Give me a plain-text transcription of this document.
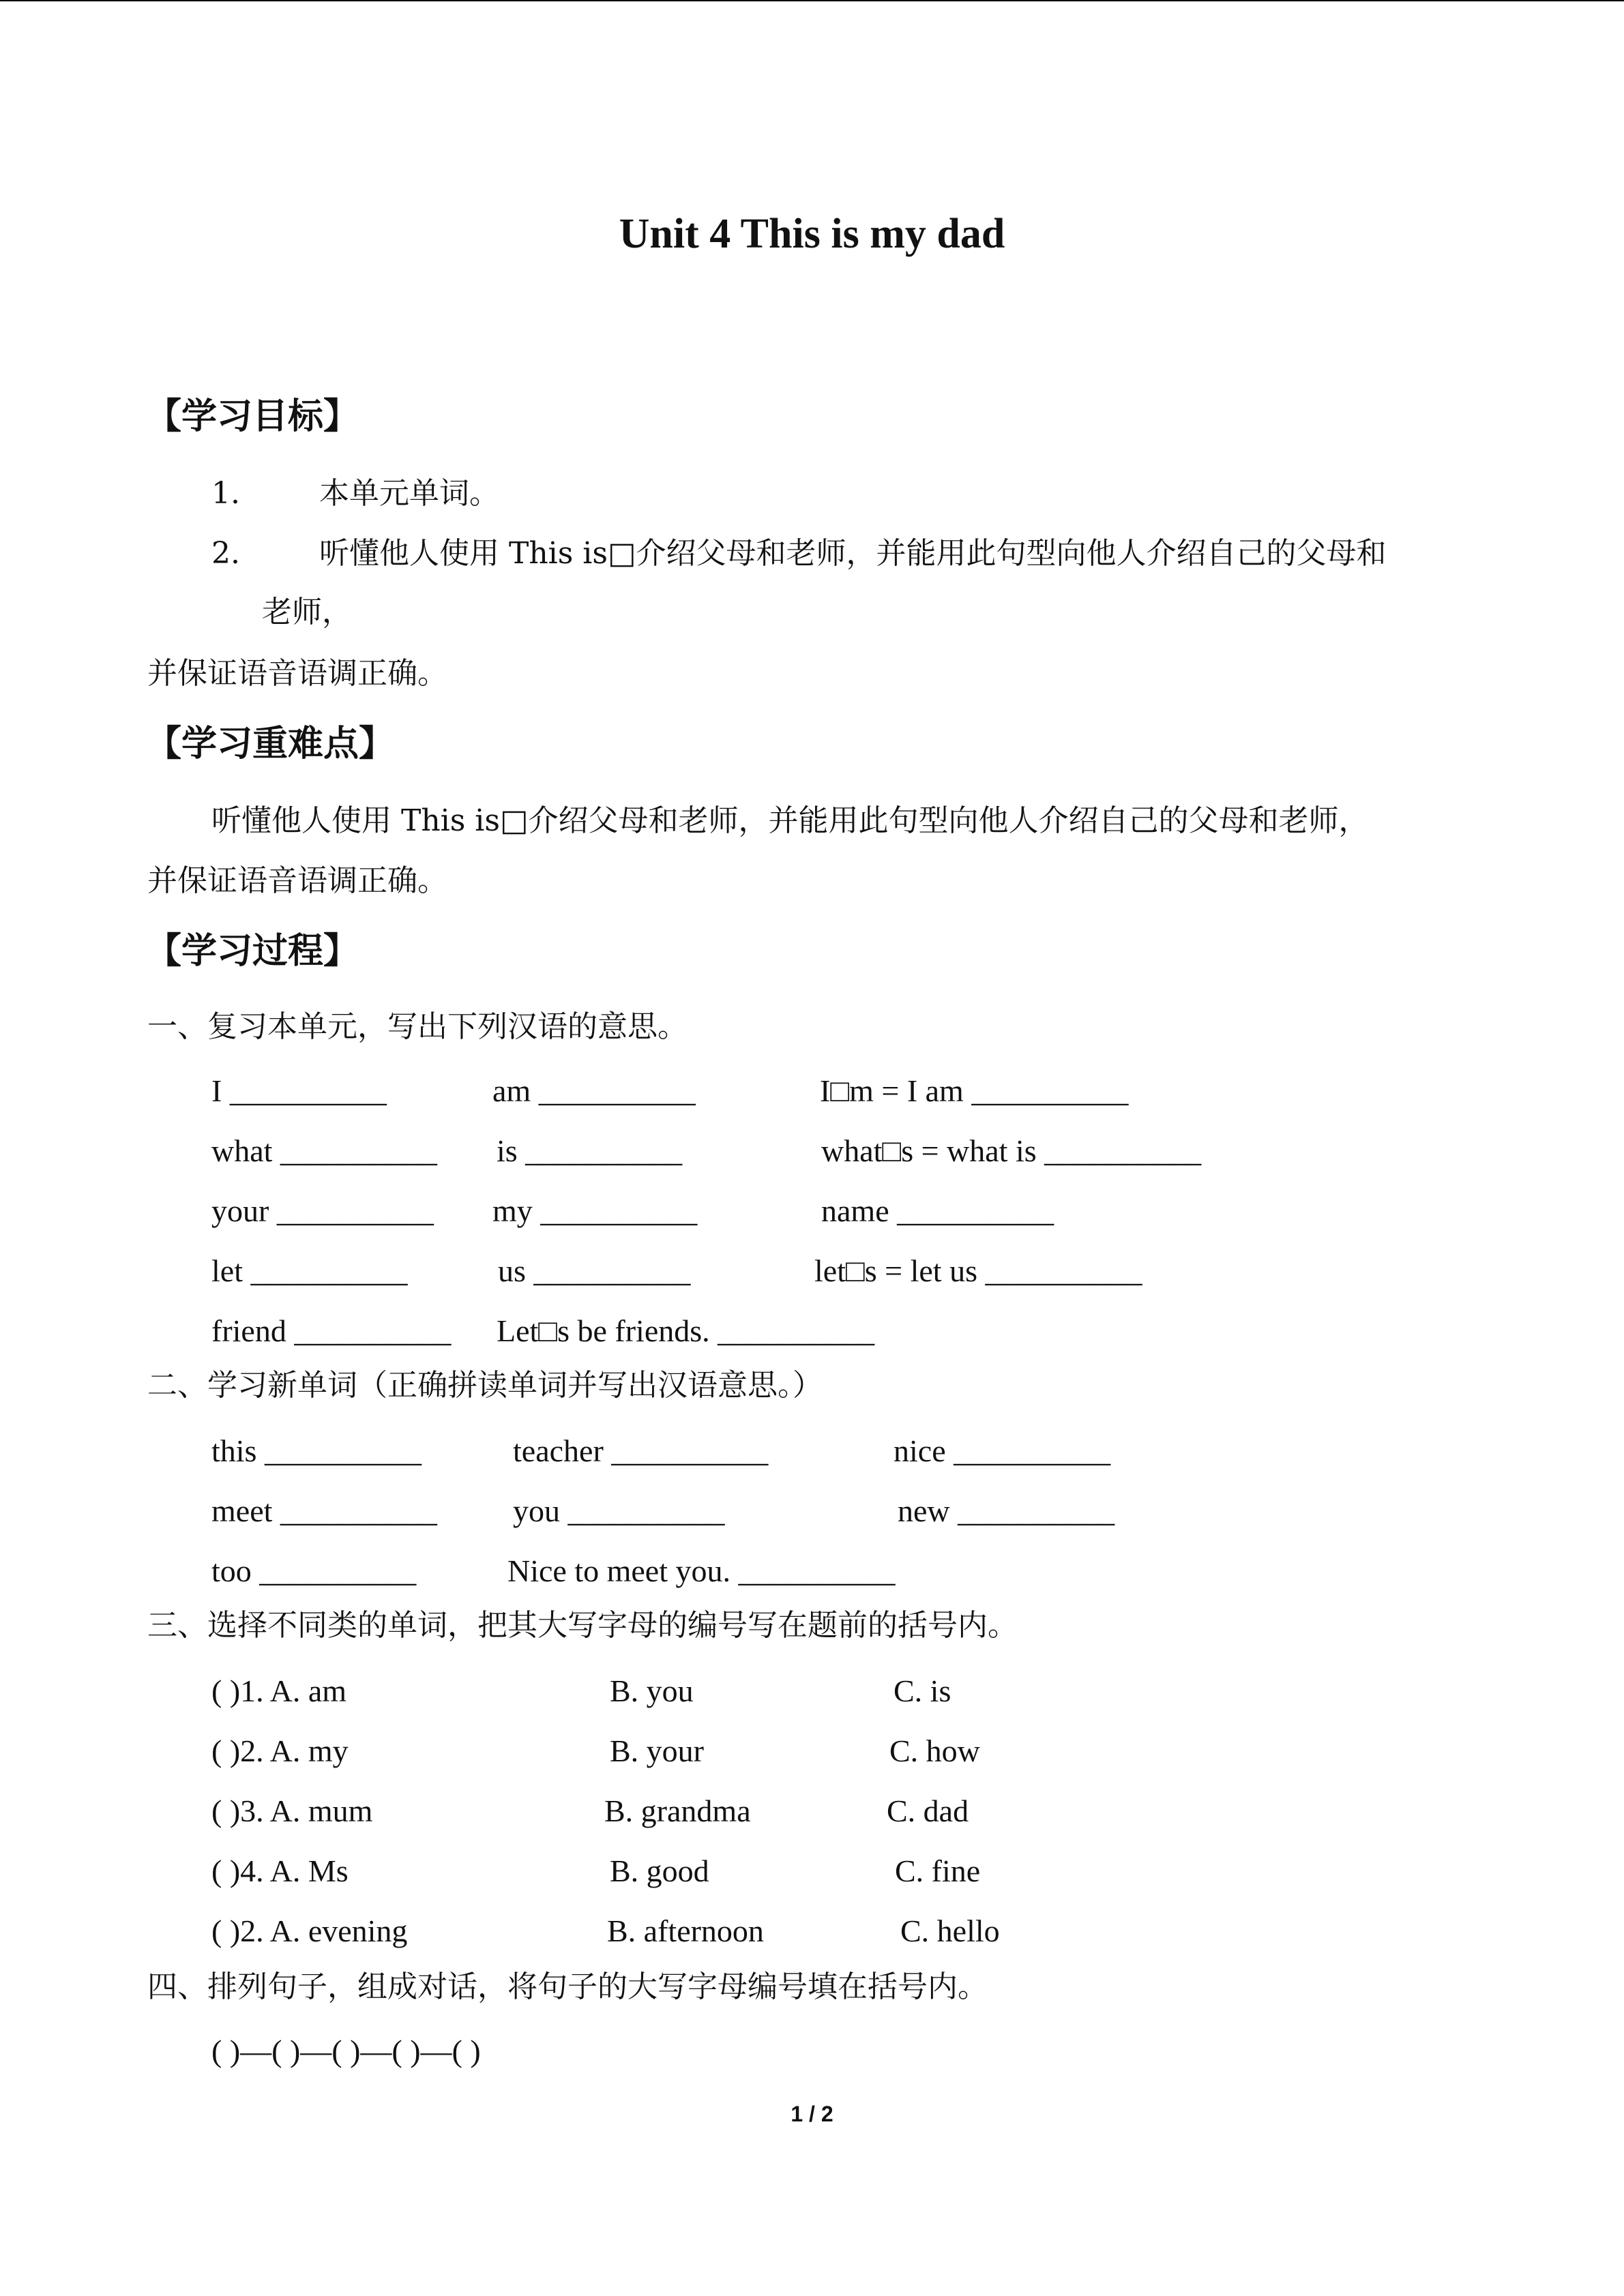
Unit 4 This is my dad
【学习目标】
1.	本单元单词。
2.	听懂他人使用 This is□介绍父母和老师，并能用此句型向他人介绍自己的父母和
老师，
并保证语音语调正确。
【学习重难点】
听懂他人使用 This is□介绍父母和老师，并能用此句型向他人介绍自己的父母和老师，
并保证语音语调正确。
【学习过程】
一、复习本单元，写出下列汉语的意思。
I __________	am __________	I□m = I am __________
what __________ is __________	what□s = what is __________
your __________ my __________	name __________
let __________	us __________	let□s = let us __________
friend __________ Let□s be friends. __________
二、学习新单词（正确拼读单词并写出汉语意思。）
this __________	teacher __________	nice __________
meet __________ you __________	new __________
too __________	Nice to meet you. __________
三、选择不同类的单词，把其大写字母的编号写在题前的括号内。
( )1. A. am	B. you	C. is
( )2. A. my	B. your	C. how
( )3. A. mum	B. grandma	C. dad
( )4. A. Ms	B. good	C. fine
( )2. A. evening	B. afternoon	C. hello
四、排列句子，组成对话，将句子的大写字母编号填在括号内。
( )—( )—( )—( )—( )
1 / 2
